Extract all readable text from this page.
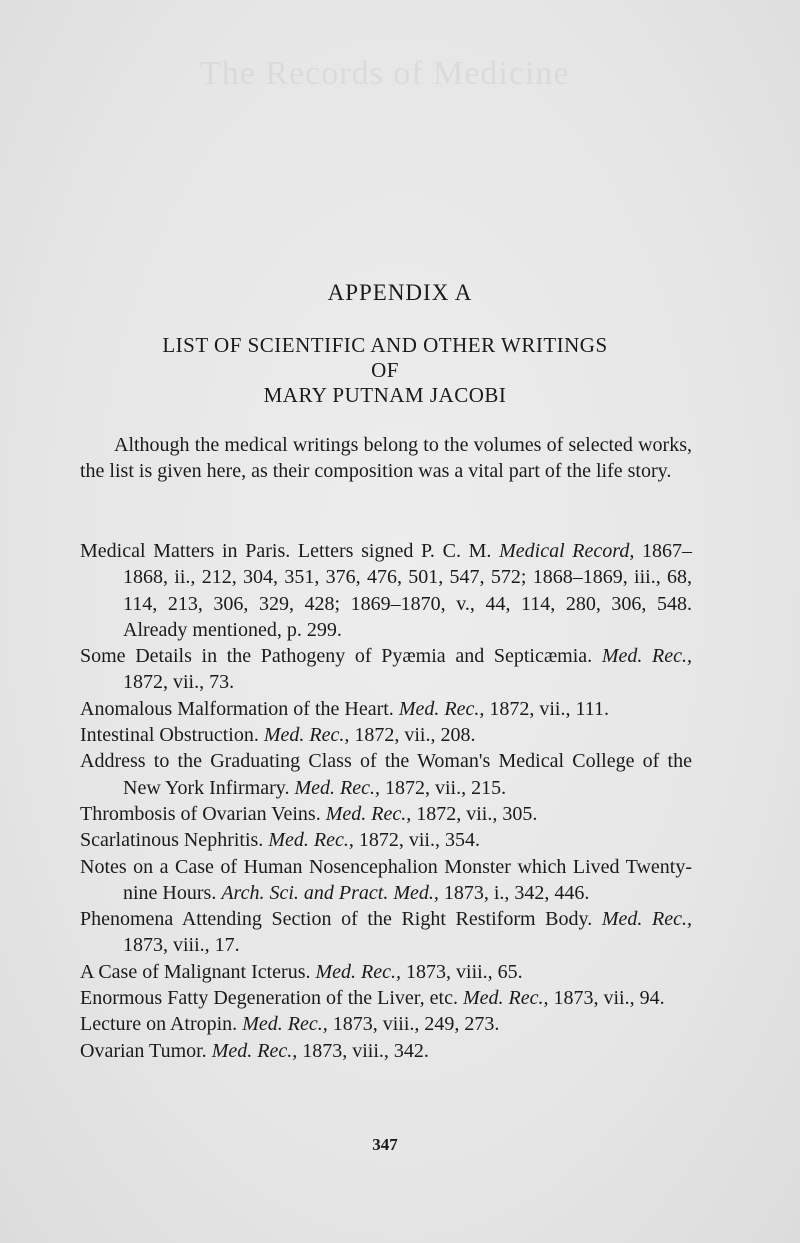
The Records of Medicine
APPENDIX A
LIST OF SCIENTIFIC AND OTHER WRITINGS
OF
MARY PUTNAM JACOBI

Although the medical writings belong to the volumes of selected works, the list is given here, as their composition was a vital part of the life story.

Medical Matters in Paris. Letters signed P. C. M. Medical Record, 1867–1868, ii., 212, 304, 351, 376, 476, 501, 547, 572; 1868–1869, iii., 68, 114, 213, 306, 329, 428; 1869–1870, v., 44, 114, 280, 306, 548. Already mentioned, p. 299.
Some Details in the Pathogeny of Pyæmia and Septicæmia. Med. Rec., 1872, vii., 73.
Anomalous Malformation of the Heart. Med. Rec., 1872, vii., 111.
Intestinal Obstruction. Med. Rec., 1872, vii., 208.
Address to the Graduating Class of the Woman's Medical College of the New York Infirmary. Med. Rec., 1872, vii., 215.
Thrombosis of Ovarian Veins. Med. Rec., 1872, vii., 305.
Scarlatinous Nephritis. Med. Rec., 1872, vii., 354.
Notes on a Case of Human Nosencephalion Monster which Lived Twenty-nine Hours. Arch. Sci. and Pract. Med., 1873, i., 342, 446.
Phenomena Attending Section of the Right Restiform Body. Med. Rec., 1873, viii., 17.
A Case of Malignant Icterus. Med. Rec., 1873, viii., 65.
Enormous Fatty Degeneration of the Liver, etc. Med. Rec., 1873, vii., 94.
Lecture on Atropin. Med. Rec., 1873, viii., 249, 273.
Ovarian Tumor. Med. Rec., 1873, viii., 342.
347
